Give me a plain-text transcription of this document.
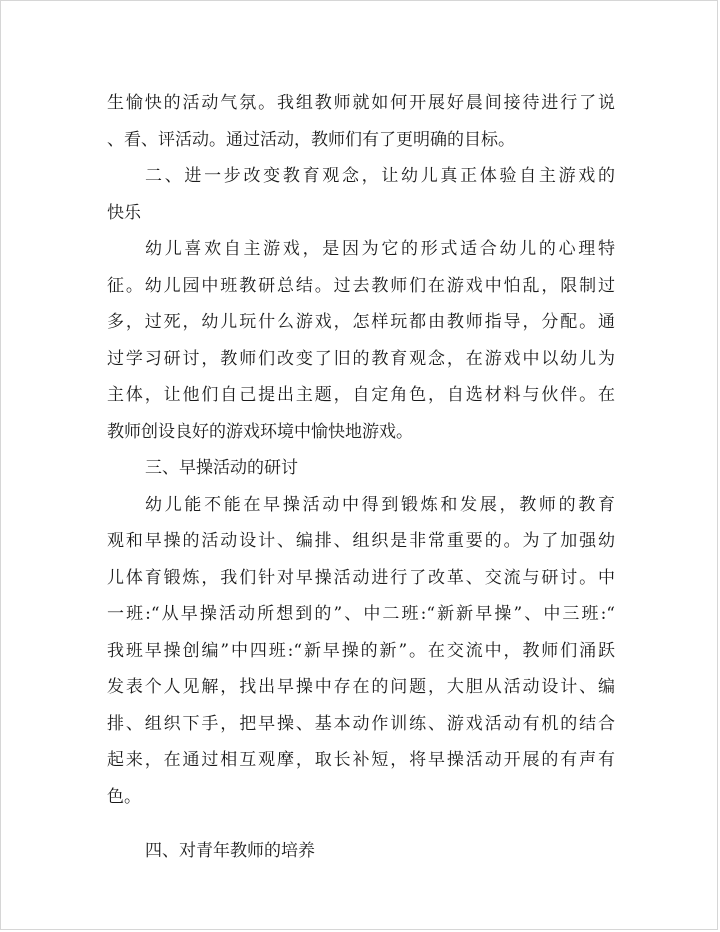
生愉快的活动气氛。我组教师就如何开展好晨间接待进行了说
、看、评活动。通过活动，教师们有了更明确的目标。
二、进一步改变教育观念，让幼儿真正体验自主游戏的
快乐
幼儿喜欢自主游戏，是因为它的形式适合幼儿的心理特
征。幼儿园中班教研总结。过去教师们在游戏中怕乱，限制过
多，过死，幼儿玩什么游戏，怎样玩都由教师指导，分配。通
过学习研讨，教师们改变了旧的教育观念，在游戏中以幼儿为
主体，让他们自己提出主题，自定角色，自选材料与伙伴。在
教师创设良好的游戏环境中愉快地游戏。
三、早操活动的研讨
幼儿能不能在早操活动中得到锻炼和发展，教师的教育
观和早操的活动设计、编排、组织是非常重要的。为了加强幼
儿体育锻炼，我们针对早操活动进行了改革、交流与研讨。中
一班:“从早操活动所想到的”、中二班:“新新早操”、中三班:“
我班早操创编”中四班:“新早操的新”。在交流中，教师们涌跃
发表个人见解，找出早操中存在的问题，大胆从活动设计、编
排、组织下手，把早操、基本动作训练、游戏活动有机的结合
起来，在通过相互观摩，取长补短，将早操活动开展的有声有
色。
四、对青年教师的培养
